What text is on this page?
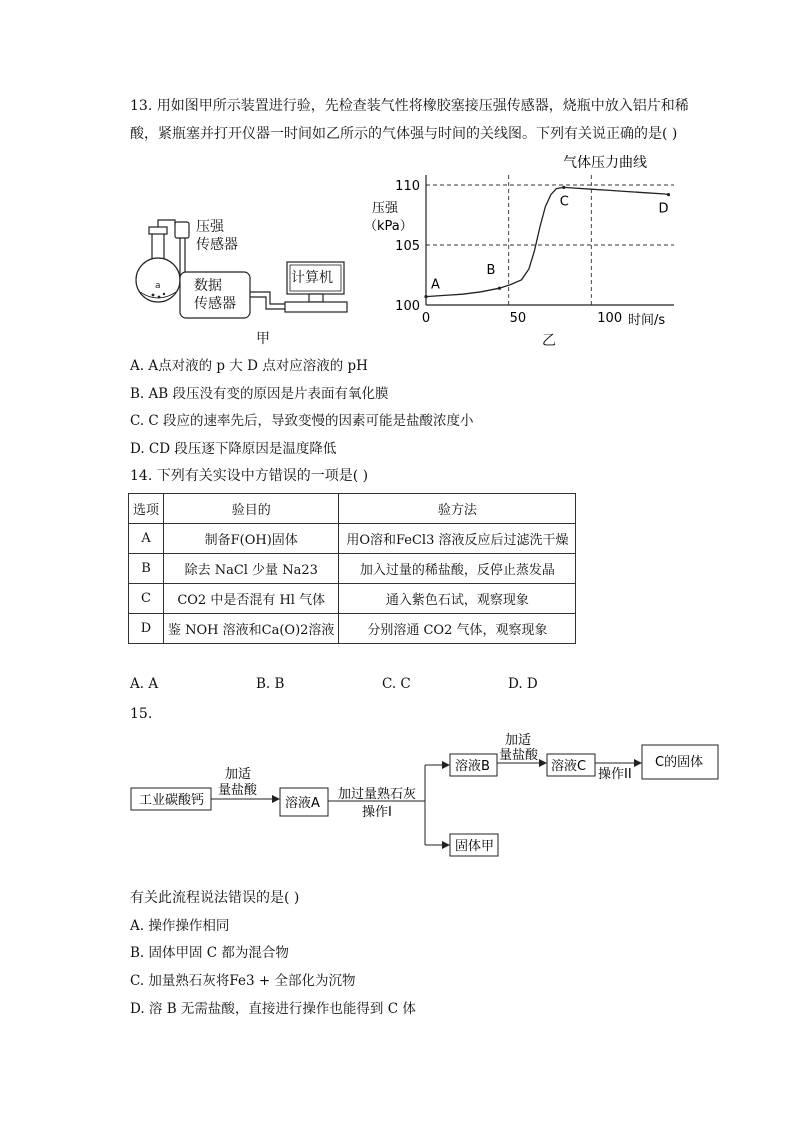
13. 用如图甲所示装置进行验，先检查装气性将橡胶塞接压强传感器，烧瓶中放入铝片和稀
酸，紧瓶塞并打开仪器一时间如乙所示的气体强与时间的关线图。下列有关说正确的是( )
a
压强
传感器
数据
传感器
计算机
甲
100
105
110
0	50	100
A
B
C	D
气体压力曲线
压强
（kPa）
时间/s
乙
A. A点对液的 p 大 D 点对应溶液的 pH
B. AB 段压没有变的原因是片表面有氧化膜
C. C 段应的速率先后，导致变慢的因素可能是盐酸浓度小
D. CD 段压逐下降原因是温度降低
14. 下列有关实设中方错误的一项是( )
选项	验目的	验方法
A	制备F(OH)固体	用O溶和FeCl3 溶液反应后过滤洗干燥
B	除去 NaCl 少量 Na23	加入过量的稀盐酸，反停止蒸发晶
C	CO2 中是否混有 Hl 气体	通入紫色石试，观察现象
D	鉴 NOH 溶液和Ca(O)2溶液	分别溶通 CO2 气体，观察现象
A. A	B. B	C. C	D. D
15.
工业碳酸钙
加适
量盐酸
溶液A
加过量熟石灰
操作I
溶液B
加适
量盐酸
溶液C
操作II
C的固体
固体甲
有关此流程说法错误的是( )
A. 操作操作相同
B. 固体甲固 C 都为混合物
C. 加量熟石灰将Fe3 + 全部化为沉物
D. 溶 B 无需盐酸，直接进行操作也能得到 C 体
